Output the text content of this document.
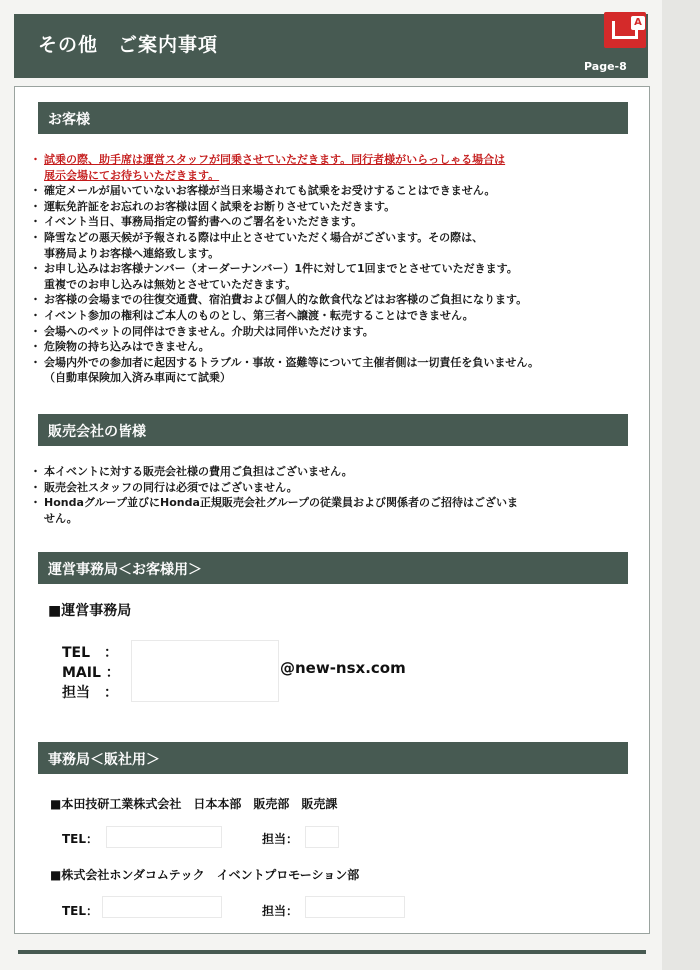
その他　ご案内事項
A
Page-8
お客様
・ 試乗の際、助手席は運営スタッフが同乗させていただきます。同行者様がいらっしゃる場合は
展示会場にてお待ちいただきます。
・ 確定メールが届いていないお客様が当日来場されても試乗をお受けすることはできません。
・ 運転免許証をお忘れのお客様は固く試乗をお断りさせていただきます。
・ イベント当日、事務局指定の誓約書へのご署名をいただきます。
・ 降雪などの悪天候が予報される際は中止とさせていただく場合がございます。その際は、
事務局よりお客様へ連絡致します。
・ お申し込みはお客様ナンバー（オーダーナンバー）1件に対して1回までとさせていただきます。
重複でのお申し込みは無効とさせていただきます。
・ お客様の会場までの往復交通費、宿泊費および個人的な飲食代などはお客様のご負担になります。
・ イベント参加の権利はご本人のものとし、第三者へ譲渡・転売することはできません。
・ 会場へのペットの同伴はできません。介助犬は同伴いただけます。
・ 危険物の持ち込みはできません。
・ 会場内外での参加者に起因するトラブル・事故・盗難等について主催者側は一切責任を負いません。
（自動車保険加入済み車両にて試乗）
販売会社の皆様
・ 本イベントに対する販売会社様の費用ご負担はございません。
・ 販売会社スタッフの同行は必須ではございません。
・ Hondaグループ並びにHonda正規販売会社グループの従業員および関係者のご招待はございま
せん。
運営事務局＜お客様用＞
■運営事務局
TEL　：
MAIL ：
担当　：
@new-nsx.com
事務局＜販社用＞
■本田技研工業株式会社　日本本部　販売部　販売課
TEL：	担当：
■株式会社ホンダコムテック　イベントプロモーション部
TEL：	担当：
